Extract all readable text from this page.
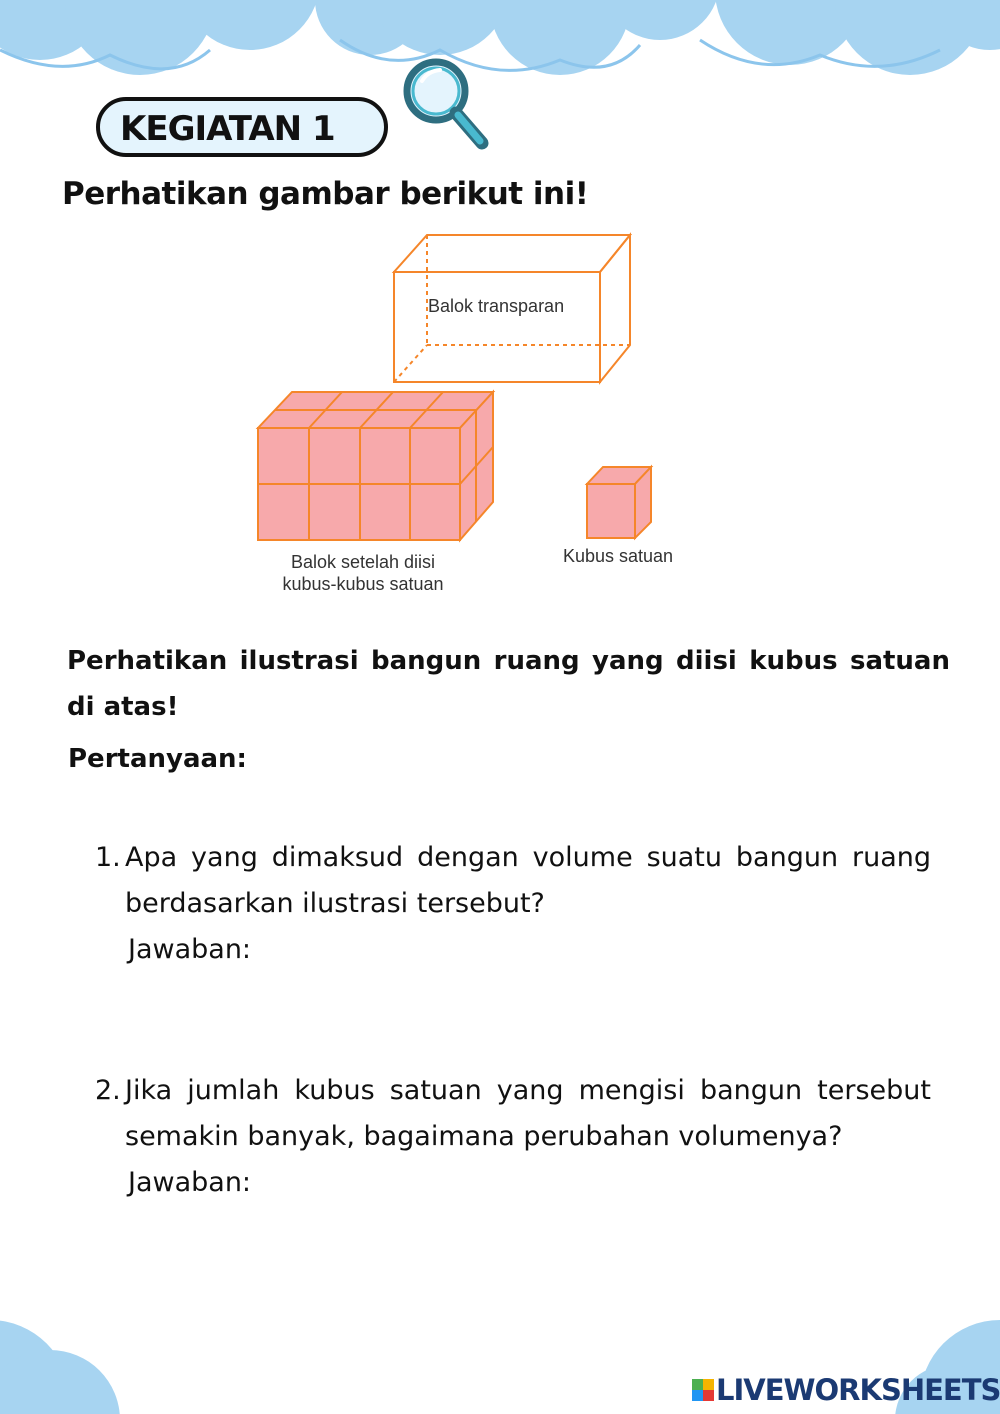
KEGIATAN 1
Perhatikan gambar berikut ini!
Balok transparan
Balok setelah diisi
kubus-kubus satuan
Kubus satuan
Perhatikan ilustrasi bangun ruang yang diisi kubus satuan di atas!
Pertanyaan:
1. Apa yang dimaksud dengan volume suatu bangun ruang berdasarkan ilustrasi tersebut?
Jawaban:
2. Jika jumlah kubus satuan yang mengisi bangun tersebut semakin banyak, bagaimana perubahan volumenya?
Jawaban:
LIVEWORKSHEETS
